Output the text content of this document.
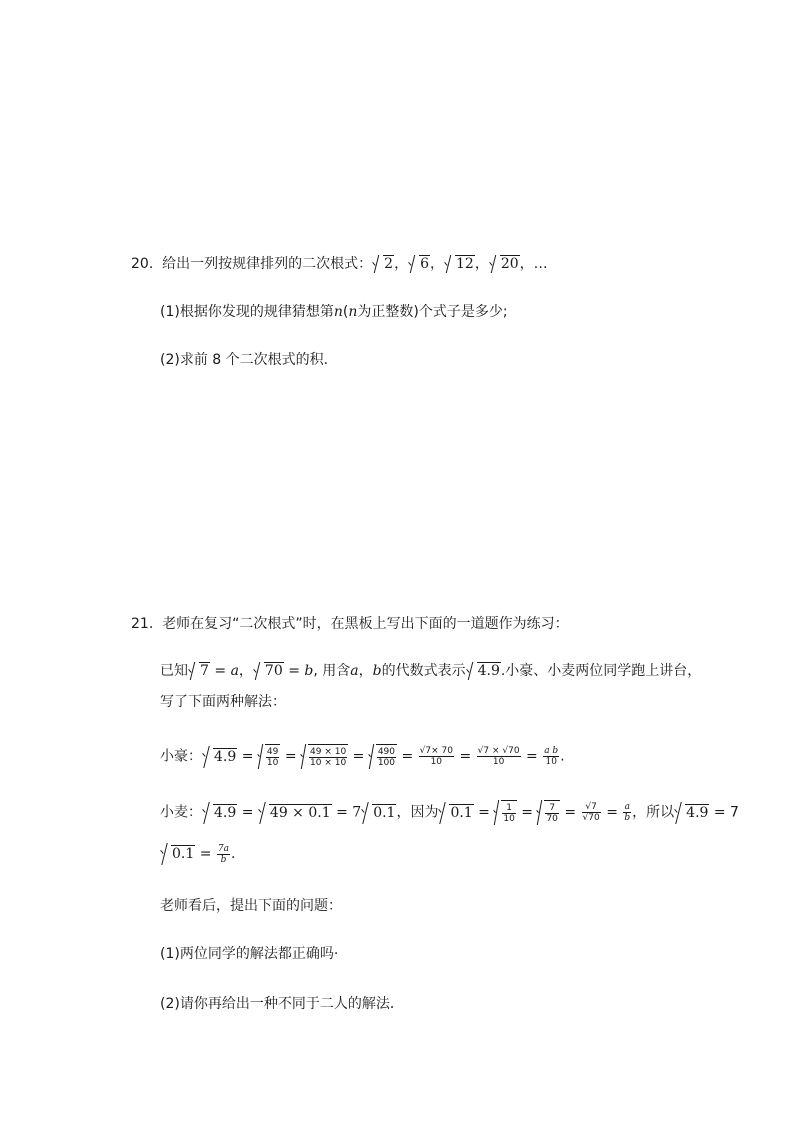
20. 给出一列按规律排列的二次根式： 2， 6， 12， 20，…
(1)根据你发现的规律猜想第n(n为正整数)个式子是多少;
(2)求前 8 个二次根式的积．
21. 老师在复习“二次根式”时，在黑板上写出下面的一道题作为练习：
已知 7 = a， 70 = b, 用含a，b的代数式表示 4.9.小豪、小麦两位同学跑上讲台，
写了下面两种解法：
小豪： $4.9 = \frac{49}{10} = \frac{49 \times 10}{10 \times 10} = \frac{490}{100} = \frac{√7\times 70}{10} = \frac{√7 \times √70}{10} = \frac{\text{a b}}{10}$ .
小麦： 4.9 = 49 × 0.1 = 7 0.1，因为 $0.1 = \frac{1}{10} = \frac{7}{70} = \frac{√7}{√70} = \frac{a}{b}$ ，所以 4.9 = 7
$0.1 = \frac{7a}{b}$ .
老师看后，提出下面的问题：
(1)两位同学的解法都正确吗·
(2)请你再给出一种不同于二人的解法．
